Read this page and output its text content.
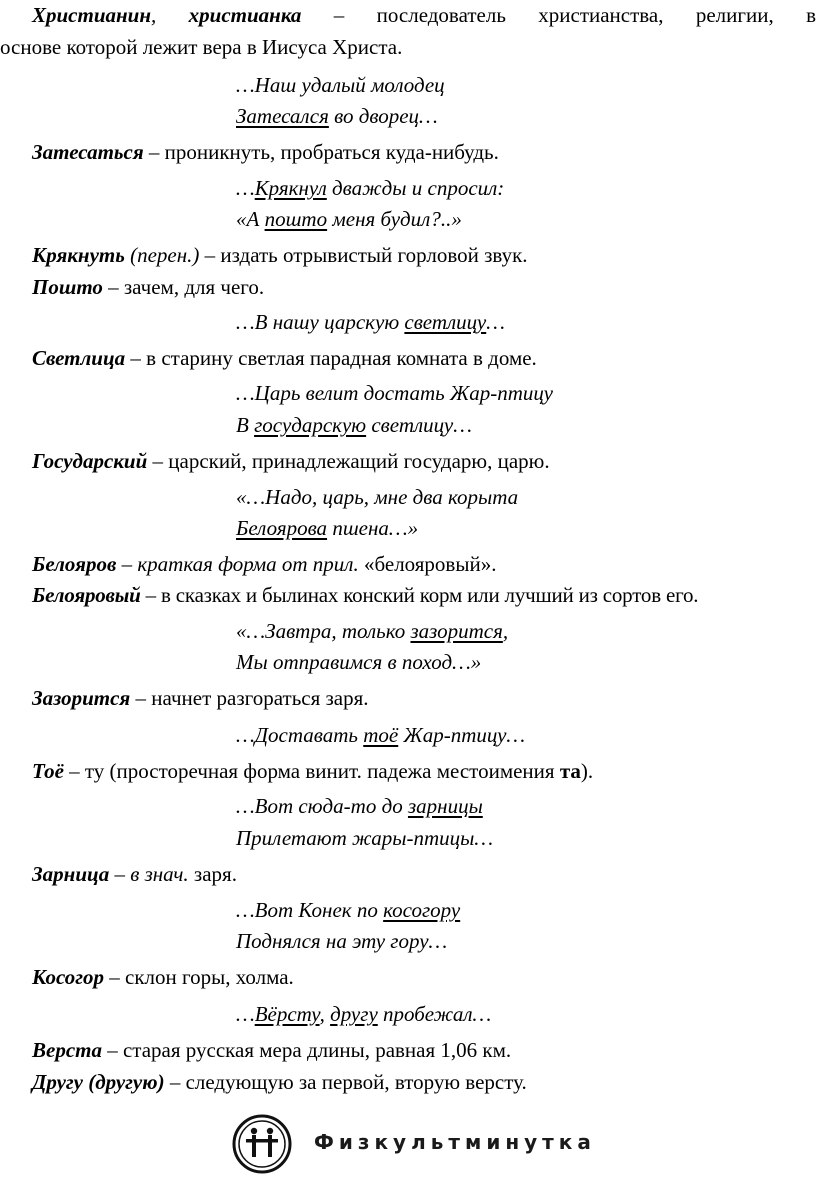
Христианин, христианка – последователь христианства, религии, в
основе которой лежит вера в Иисуса Христа.
…Наш удалый молодец
Затесался во дворец…
Затесаться – проникнуть, пробраться куда-нибудь.
…Крякнул дважды и спросил:
«А пошто меня будил?..»
Крякнуть (перен.) – издать отрывистый горловой звук.
Пошто – зачем, для чего.
…В нашу царскую светлицу…
Светлица – в старину светлая парадная комната в доме.
…Царь велит достать Жар-птицу
В государскую светлицу…
Государский – царский, принадлежащий государю, царю.
«…Надо, царь, мне два корыта
Белоярова пшена…»
Белояров – краткая форма от прил. «белояровый».
Белояровый – в сказках и былинах конский корм или лучший из сортов его.
«…Завтра, только зазорится,
Мы отправимся в поход…»
Зазорится – начнет разгораться заря.
…Доставать тоё Жар-птицу…
Тоё – ту (просторечная форма винит. падежа местоимения та).
…Вот сюда-то до зарницы
Прилетают жары-птицы…
Зарница – в знач. заря.
…Вот Конек по косогору
Поднялся на эту гору…
Косогор – склон горы, холма.
…Вёрсту, другу пробежал…
Верста – старая русская мера длины, равная 1,06 км.
Другу (другую) – следующую за первой, вторую версту.
Физкультминутка
